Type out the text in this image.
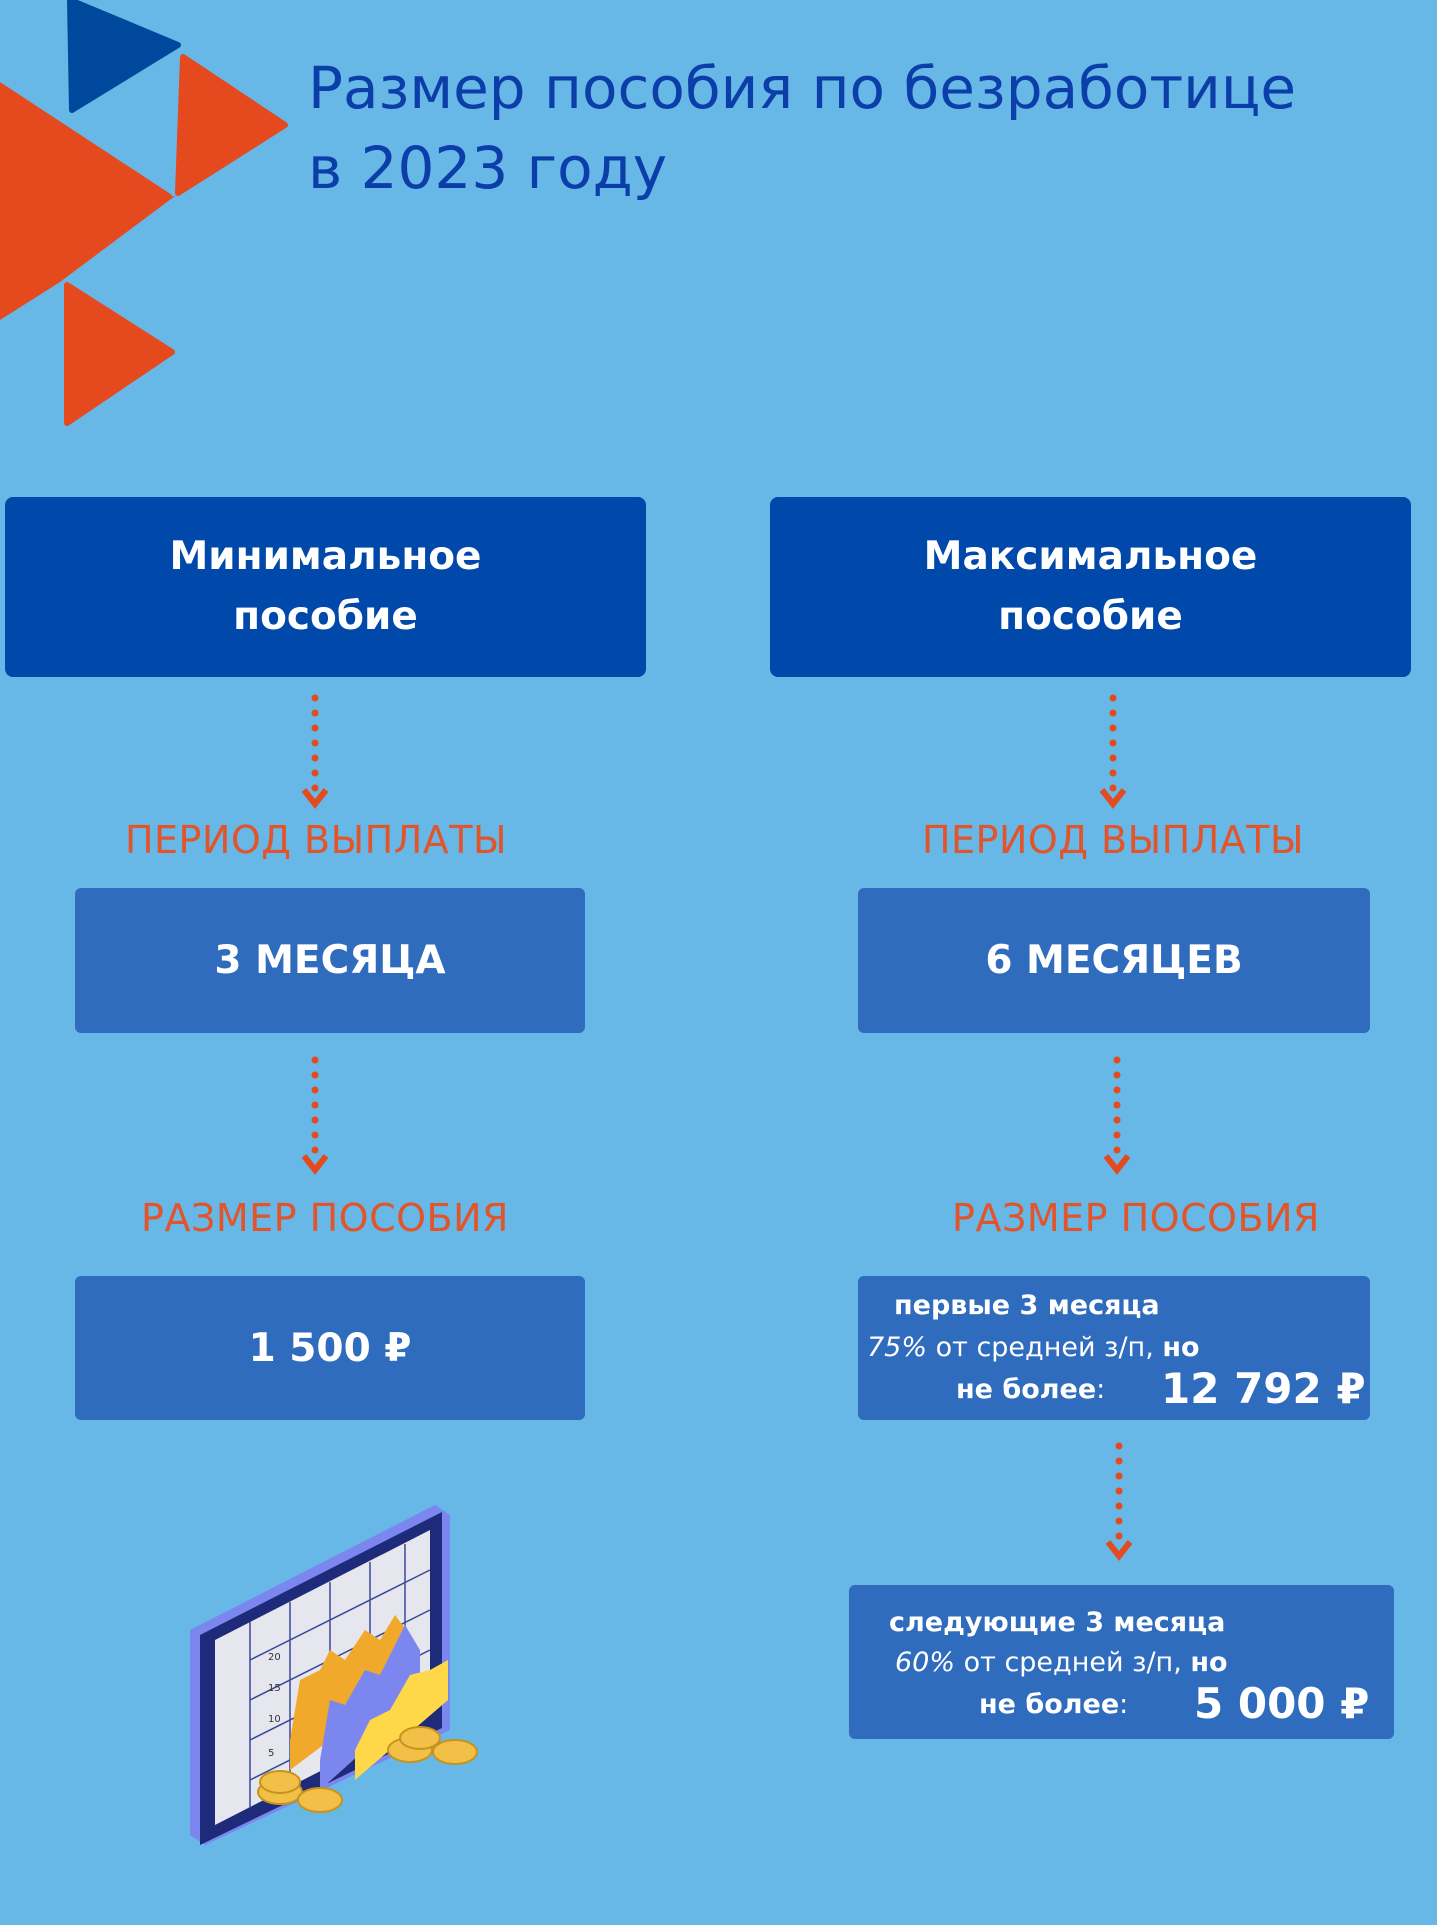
Размер пособия по безработице
в 2023 году
Минимальное
пособие
ПЕРИОД ВЫПЛАТЫ
3 МЕСЯЦА
РАЗМЕР ПОСОБИЯ
1 500 ₽
Максимальное
пособие
ПЕРИОД ВЫПЛАТЫ
6 МЕСЯЦЕВ
РАЗМЕР ПОСОБИЯ
первые 3 месяца
75% от средней з/п, но
не более: 12 792 ₽
следующие 3 месяца
60% от средней з/п, но
не более: 5 000 ₽
20
15
10
5
